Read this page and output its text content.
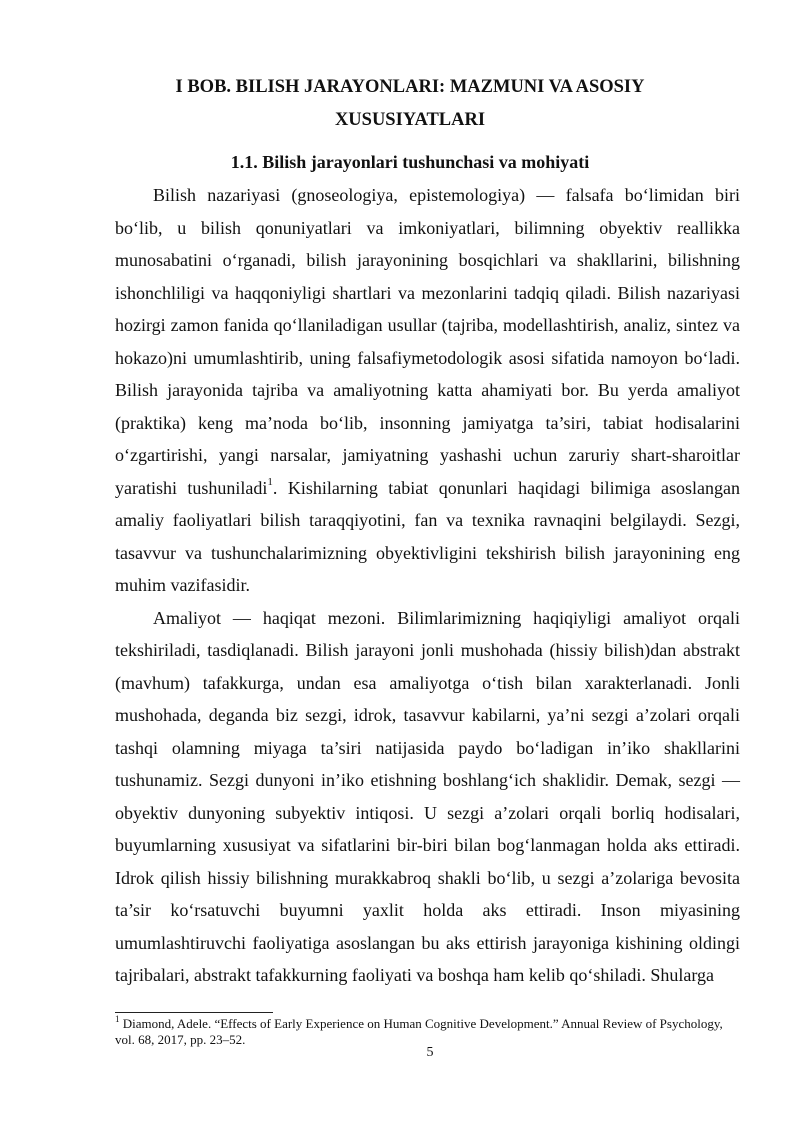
I BOB. BILISH JARAYONLARI: MAZMUNI VA ASOSIY
XUSUSIYATLARI
1.1. Bilish jarayonlari tushunchasi va mohiyati

Bilish nazariyasi (gnoseologiya, epistemologiya) — falsafa bo‘limidan biri bo‘lib, u bilish qonuniyatlari va imkoniyatlari, bilimning obyektiv reallikka munosabatini o‘rganadi, bilish jarayonining bosqichlari va shakllarini, bilishning ishonchliligi va haqqoniyligi shartlari va mezonlarini tadqiq qiladi. Bilish nazariyasi hozirgi zamon fanida qo‘llaniladigan usullar (tajriba, modellashtirish, analiz, sintez va hokazo)ni umumlashtirib, uning falsafiymetodologik asosi sifatida namoyon bo‘ladi. Bilish jarayonida tajriba va amaliyotning katta ahamiyati bor. Bu yerda amaliyot (praktika) keng ma’noda bo‘lib, insonning jamiyatga ta’siri, tabiat hodisalarini o‘zgartirishi, yangi narsalar, jamiyatning yashashi uchun zaruriy shart-sharoitlar yaratishi tushuniladi$^1$. Kishilarning tabiat qonunlari haqidagi bilimiga asoslangan amaliy faoliyatlari bilish taraqqiyotini, fan va texnika ravnaqini belgilaydi. Sezgi, tasavvur va tushunchalarimizning obyektivligini tekshirish bilish jarayonining eng muhim vazifasidir.

Amaliyot — haqiqat mezoni. Bilimlarimizning haqiqiyligi amaliyot orqali tekshiriladi, tasdiqlanadi. Bilish jarayoni jonli mushohada (hissiy bilish)dan abstrakt (mavhum) tafakkurga, undan esa amaliyotga o‘tish bilan xarakterlanadi. Jonli mushohada, deganda biz sezgi, idrok, tasavvur kabilarni, ya’ni sezgi a’zolari orqali tashqi olamning miyaga ta’siri natijasida paydo bo‘ladigan in’iko shakllarini tushunamiz. Sezgi dunyoni in’iko etishning boshlang‘ich shaklidir. Demak, sezgi — obyektiv dunyoning subyektiv intiqosi. U sezgi a’zolari orqali borliq hodisalari, buyumlarning xususiyat va sifatlarini bir-biri bilan bog‘lanmagan holda aks ettiradi. Idrok qilish hissiy bilishning murakkabroq shakli bo‘lib, u sezgi a’zolariga bevosita ta’sir ko‘rsatuvchi buyumni yaxlit holda aks ettiradi. Inson miyasining umumlashtiruvchi faoliyatiga asoslangan bu aks ettirish jarayoniga kishining oldingi tajribalari, abstrakt tafakkurning faoliyati va boshqa ham kelib qo‘shiladi. Shularga

$^1$ Diamond, Adele. “Effects of Early Experience on Human Cognitive Development.” Annual Review of Psychology, vol. 68, 2017, pp. 23–52.
5
